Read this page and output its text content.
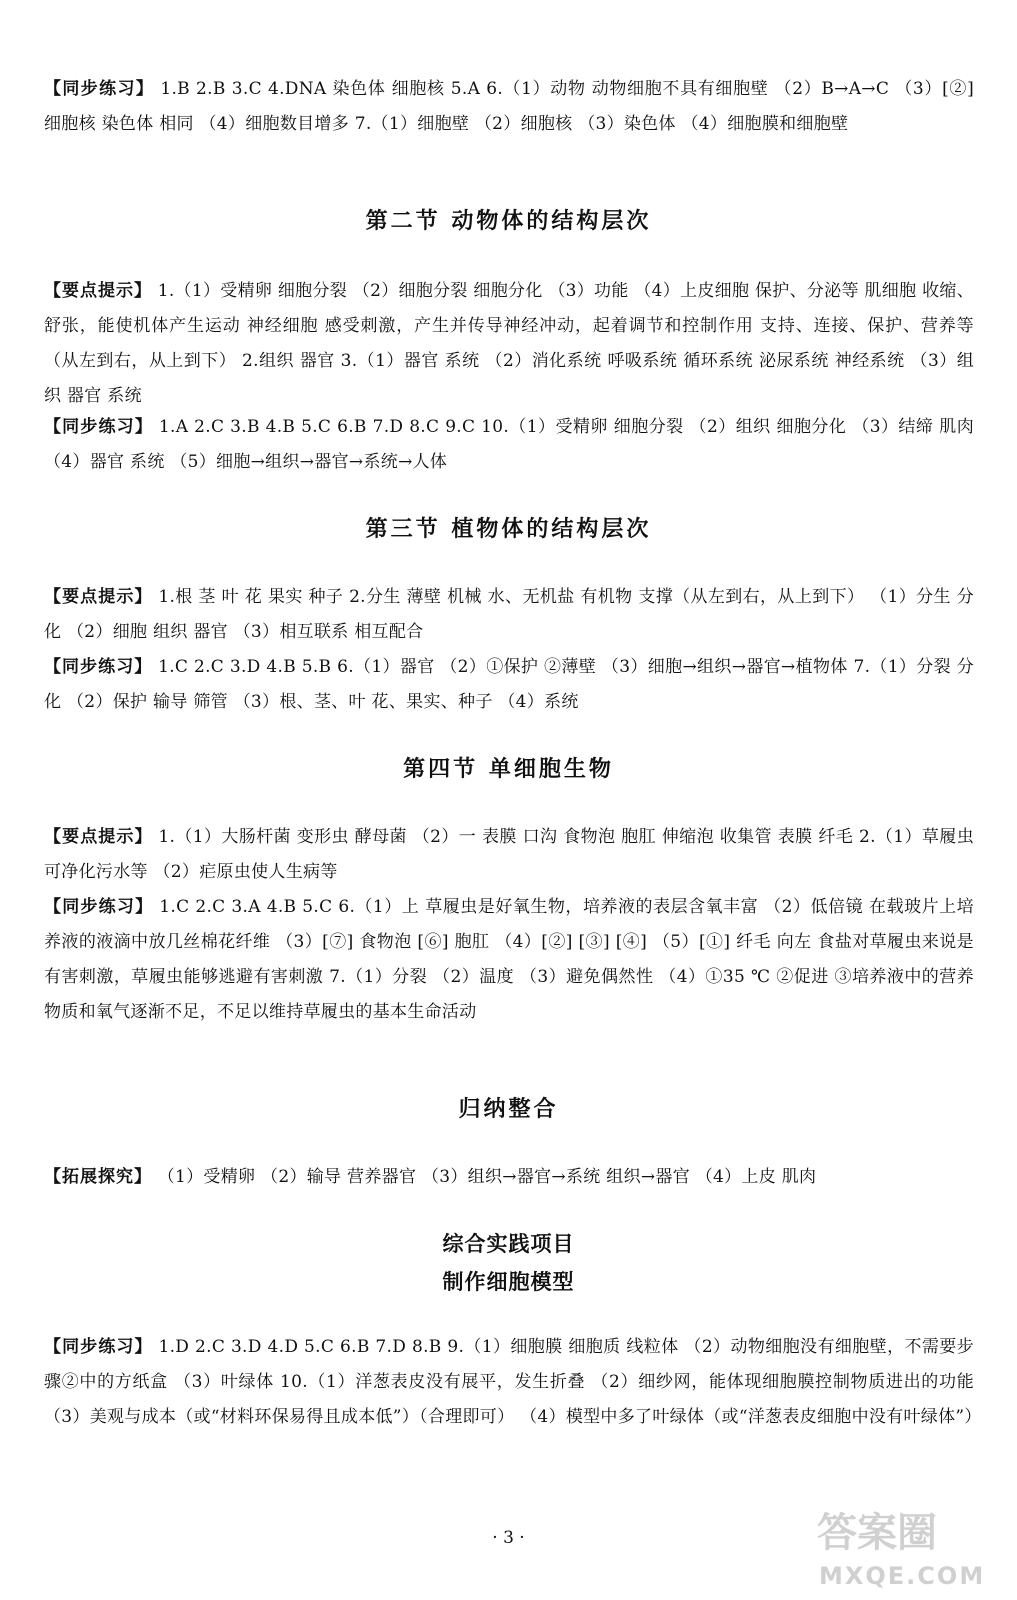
【同步练习】 1.B 2.B 3.C 4.DNA 染色体 细胞核 5.A 6.（1）动物 动物细胞不具有细胞壁 （2）B→A→C （3）[②] 细胞核 染色体 相同 （4）细胞数目增多 7.（1）细胞壁 （2）细胞核 （3）染色体 （4）细胞膜和细胞壁

第二节 动物体的结构层次

【要点提示】 1.（1）受精卵 细胞分裂 （2）细胞分裂 细胞分化 （3）功能 （4）上皮细胞 保护、分泌等 肌细胞 收缩、舒张，能使机体产生运动 神经细胞 感受刺激，产生并传导神经冲动，起着调节和控制作用 支持、连接、保护、营养等（从左到右，从上到下） 2.组织 器官 3.（1）器官 系统 （2）消化系统 呼吸系统 循环系统 泌尿系统 神经系统 （3）组织 器官 系统

【同步练习】 1.A 2.C 3.B 4.B 5.C 6.B 7.D 8.C 9.C 10.（1）受精卵 细胞分裂 （2）组织 细胞分化 （3）结缔 肌肉 （4）器官 系统 （5）细胞→组织→器官→系统→人体

第三节 植物体的结构层次

【要点提示】 1.根 茎 叶 花 果实 种子 2.分生 薄壁 机械 水、无机盐 有机物 支撑（从左到右，从上到下） （1）分生 分化 （2）细胞 组织 器官 （3）相互联系 相互配合

【同步练习】 1.C 2.C 3.D 4.B 5.B 6.（1）器官 （2）①保护 ②薄壁 （3）细胞→组织→器官→植物体 7.（1）分裂 分化 （2）保护 输导 筛管 （3）根、茎、叶 花、果实、种子 （4）系统

第四节 单细胞生物

【要点提示】 1.（1）大肠杆菌 变形虫 酵母菌 （2）一 表膜 口沟 食物泡 胞肛 伸缩泡 收集管 表膜 纤毛 2.（1）草履虫可净化污水等 （2）疟原虫使人生病等

【同步练习】 1.C 2.C 3.A 4.B 5.C 6.（1）上 草履虫是好氧生物，培养液的表层含氧丰富 （2）低倍镜 在载玻片上培养液的液滴中放几丝棉花纤维 （3）[⑦] 食物泡 [⑥] 胞肛 （4）[②] [③] [④] （5）[①] 纤毛 向左 食盐对草履虫来说是有害刺激，草履虫能够逃避有害刺激 7.（1）分裂 （2）温度 （3）避免偶然性 （4）①35 ℃ ②促进 ③培养液中的营养物质和氧气逐渐不足，不足以维持草履虫的基本生命活动

归纳整合

【拓展探究】 （1）受精卵 （2）输导 营养器官 （3）组织→器官→系统 组织→器官 （4）上皮 肌肉

综合实践项目
制作细胞模型

【同步练习】 1.D 2.C 3.D 4.D 5.C 6.B 7.D 8.B 9.（1）细胞膜 细胞质 线粒体 （2）动物细胞没有细胞壁，不需要步骤②中的方纸盒 （3）叶绿体 10.（1）洋葱表皮没有展平，发生折叠 （2）细纱网，能体现细胞膜控制物质进出的功能 （3）美观与成本（或“材料环保易得且成本低”）（合理即可） （4）模型中多了叶绿体（或“洋葱表皮细胞中没有叶绿体”）

· 3 ·	答案圈
MXQE.COM
